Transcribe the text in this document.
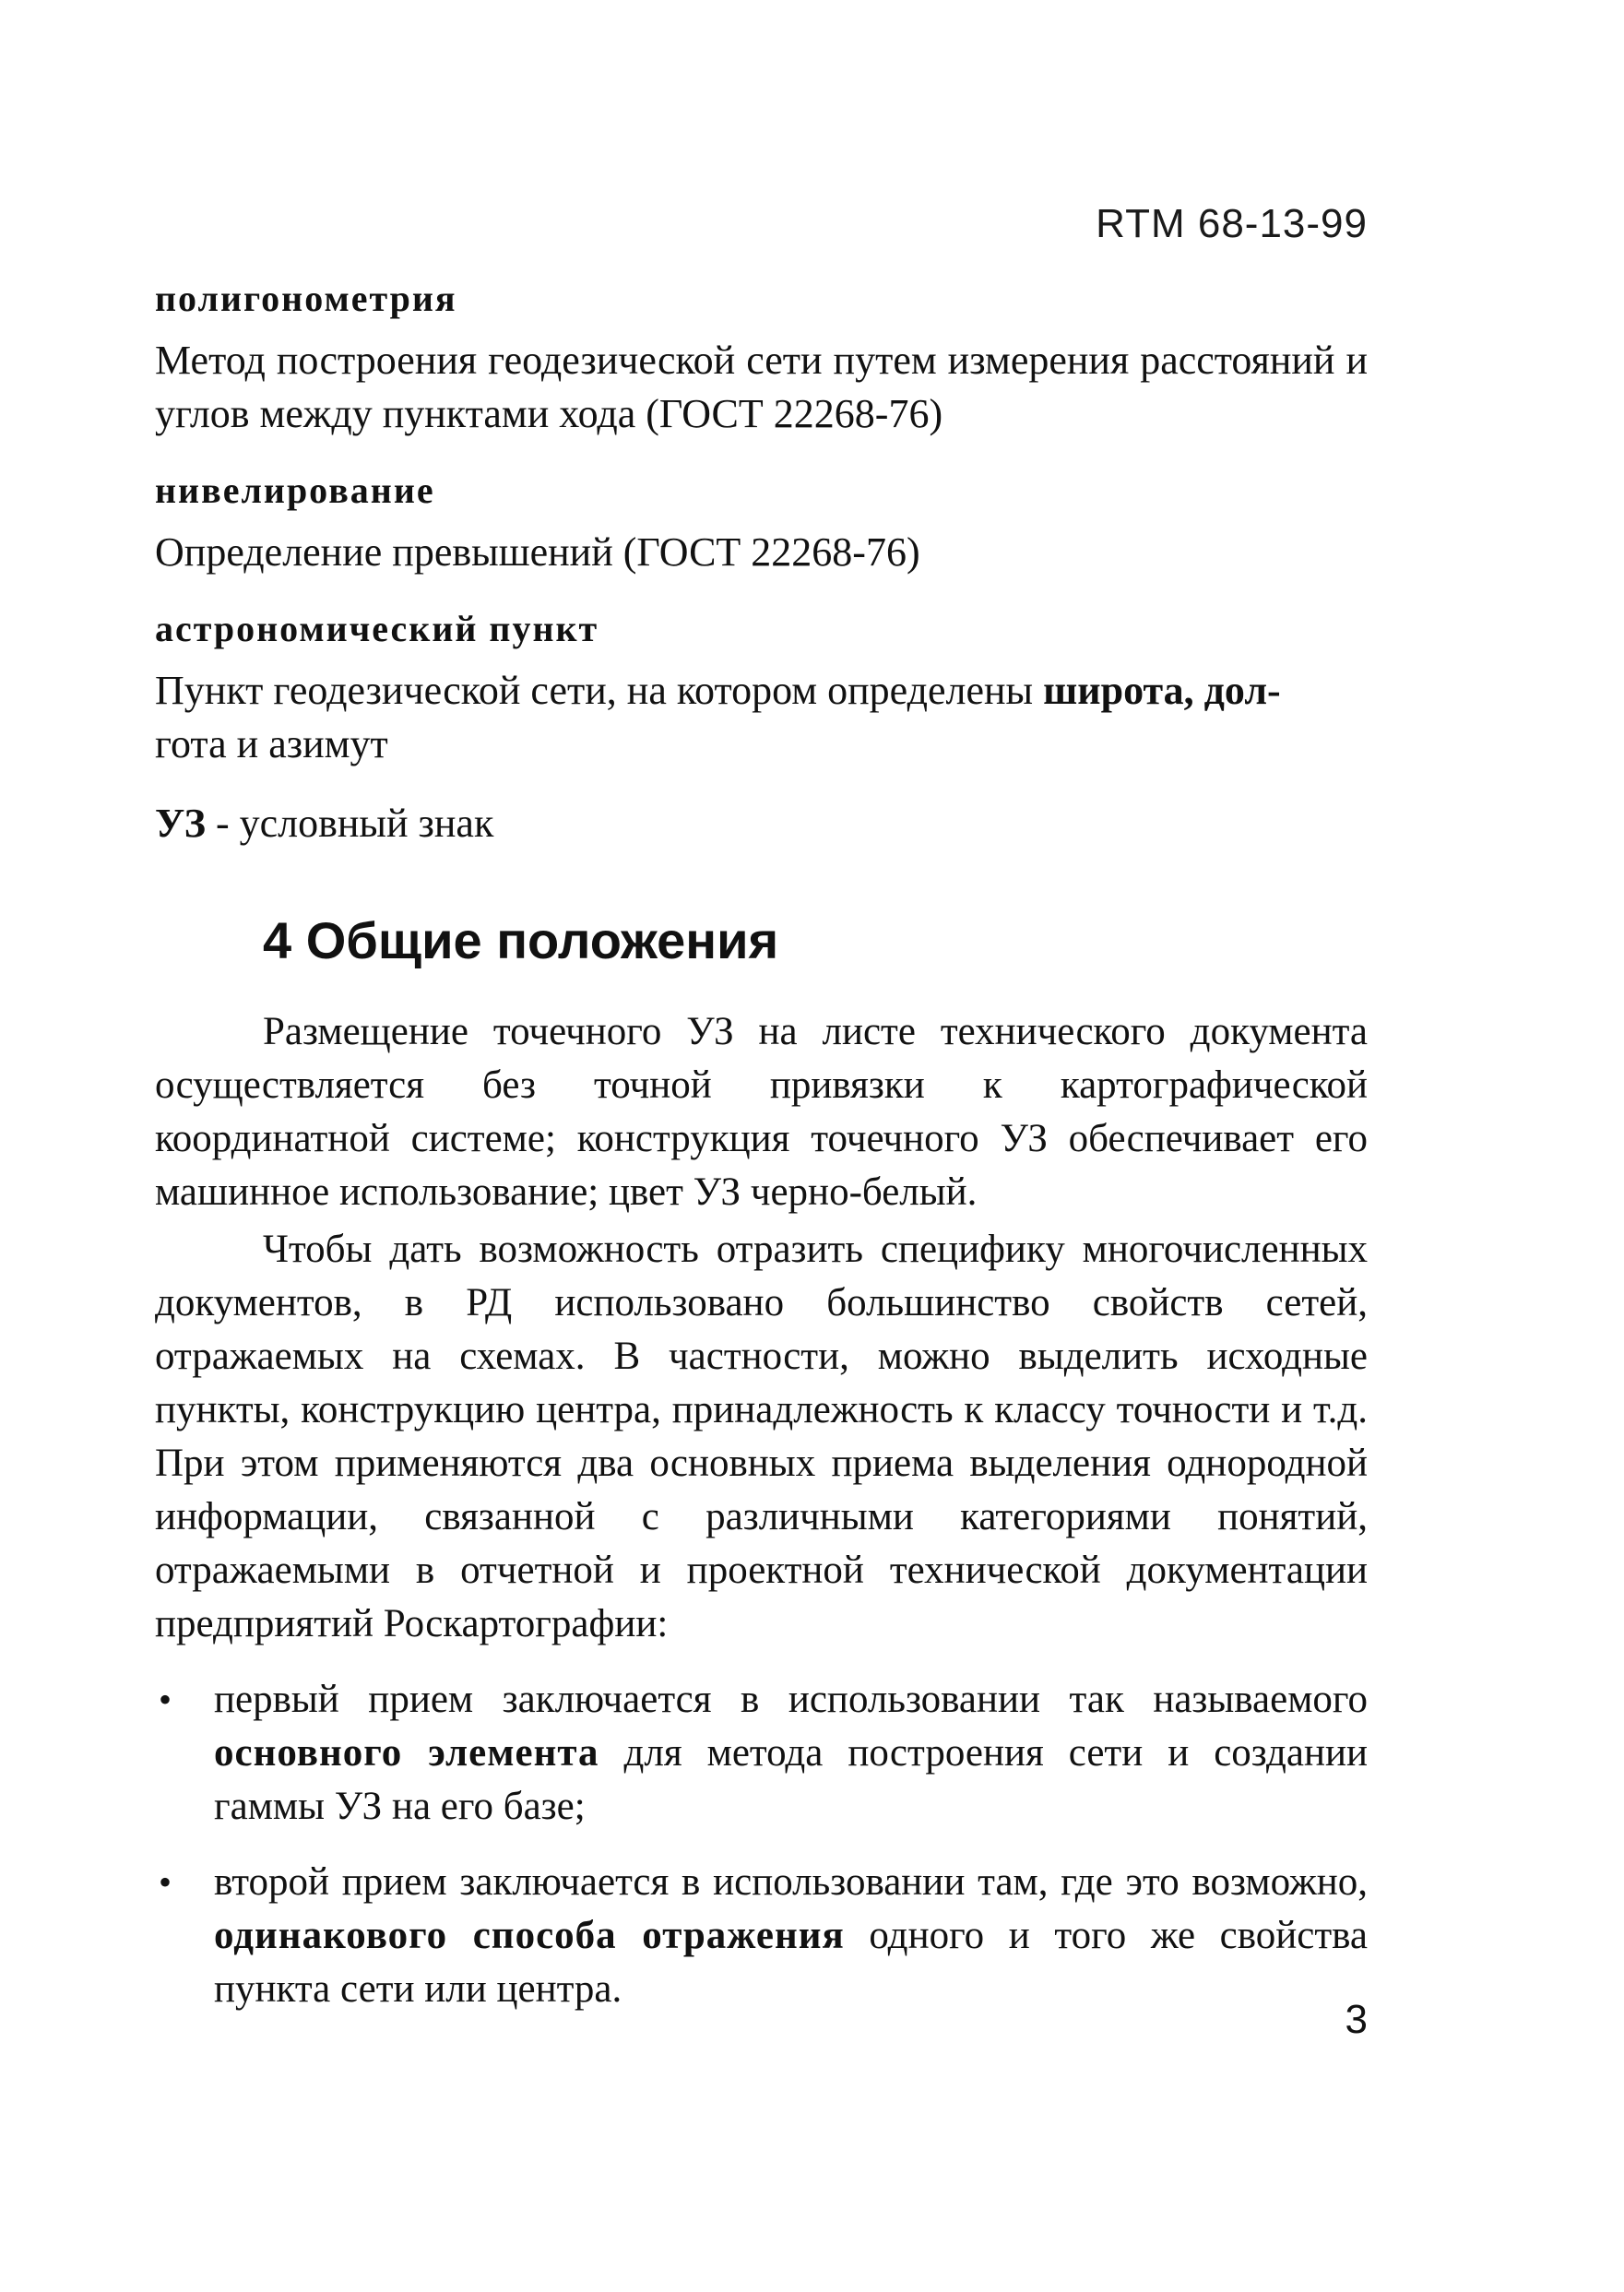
RTM 68-13-99
полигонометрия
Метод построения геодезической сети путем измерения расстояний и углов между пунктами хода (ГОСТ 22268-76)
нивелирование
Определение превышений (ГОСТ 22268-76)
астрономический пункт
Пункт геодезической сети, на котором определены широта, дол-
гота и азимут
УЗ - условный знак
4 Общие положения

Размещение точечного УЗ на листе технического документа осуществляется без точной привязки к картографической координатной системе; конструкция точечного УЗ обеспечивает его машинное использование; цвет УЗ черно-белый.

Чтобы дать возможность отразить специфику многочисленных документов, в РД использовано большинство свойств сетей, отражаемых на схемах. В частности, можно выделить исходные пункты, конструкцию центра, принадлежность к классу точности и т.д. При этом применяются два основных приема выделения однородной информации, связанной с различными категориями понятий, отражаемыми в отчетной и проектной технической документации предприятий Роскартографии:

• первый прием заключается в использовании так называемого основного элемента для метода построения сети и создании гаммы УЗ на его базе;
• второй прием заключается в использовании там, где это возможно, одинакового способа отражения одного и того же свойства пункта сети или центра.
3
